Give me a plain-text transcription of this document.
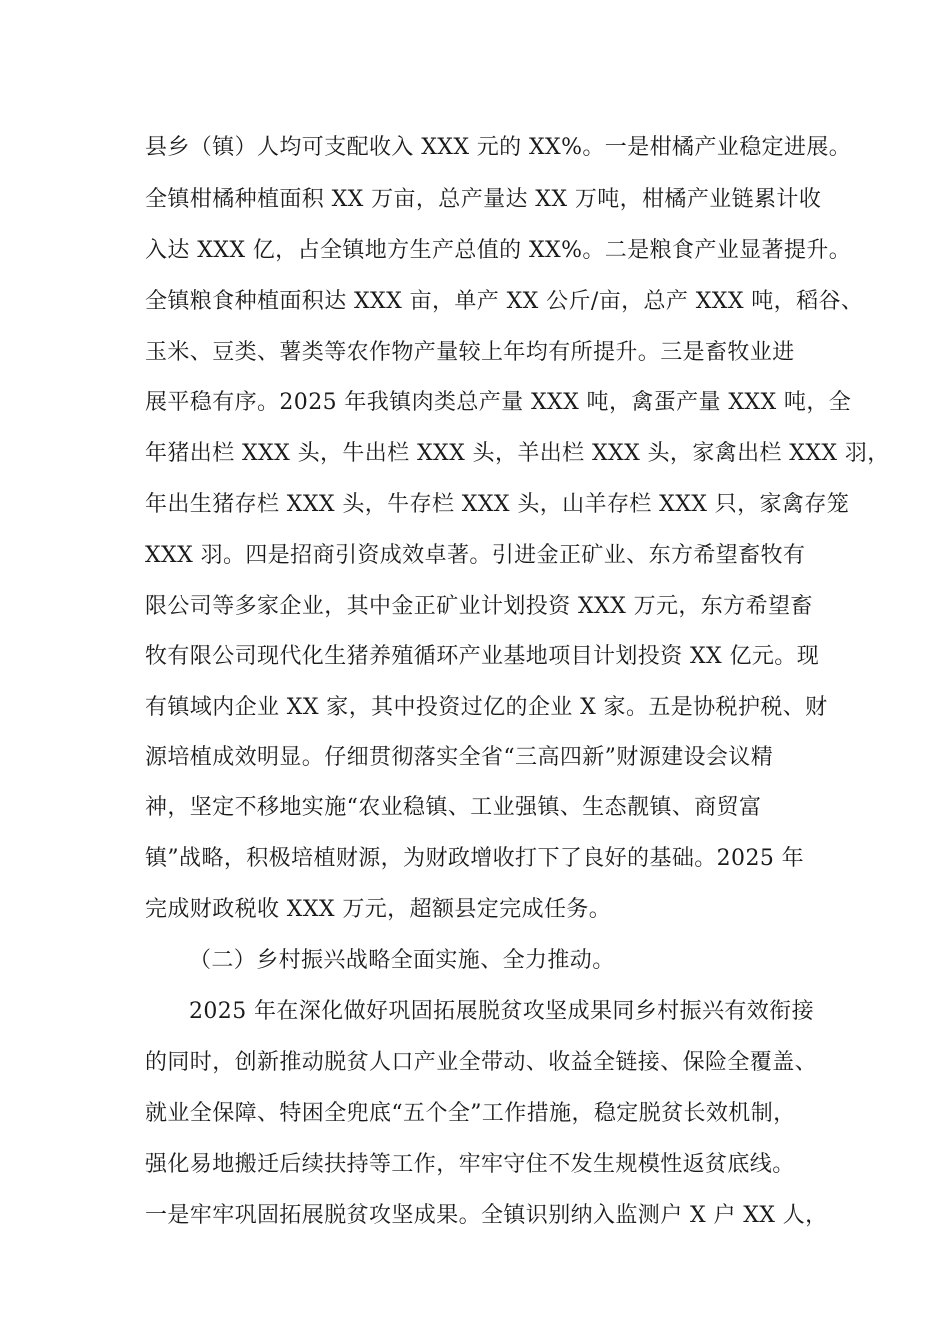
县乡（镇）人均可支配收入 XXX 元的 XX%。一是柑橘产业稳定进展。
全镇柑橘种植面积 XX 万亩，总产量达 XX 万吨，柑橘产业链累计收
入达 XXX 亿，占全镇地方生产总值的 XX%。二是粮食产业显著提升。
全镇粮食种植面积达 XXX 亩，单产 XX 公斤/亩，总产 XXX 吨，稻谷、
玉米、豆类、薯类等农作物产量较上年均有所提升。三是畜牧业进
展平稳有序。2025 年我镇肉类总产量 XXX 吨，禽蛋产量 XXX 吨，全
年猪出栏 XXX 头，牛出栏 XXX 头，羊出栏 XXX 头，家禽出栏 XXX 羽，
年出生猪存栏 XXX 头，牛存栏 XXX 头，山羊存栏 XXX 只，家禽存笼
XXX 羽。四是招商引资成效卓著。引进金正矿业、东方希望畜牧有
限公司等多家企业，其中金正矿业计划投资 XXX 万元，东方希望畜
牧有限公司现代化生猪养殖循环产业基地项目计划投资 XX 亿元。现
有镇域内企业 XX 家，其中投资过亿的企业 X 家。五是协税护税、财
源培植成效明显。仔细贯彻落实全省“三高四新”财源建设会议精
神，坚定不移地实施“农业稳镇、工业强镇、生态靓镇、商贸富
镇”战略，积极培植财源，为财政增收打下了良好的基础。2025 年
完成财政税收 XXX 万元，超额县定完成任务。
（二）乡村振兴战略全面实施、全力推动。
2025 年在深化做好巩固拓展脱贫攻坚成果同乡村振兴有效衔接
的同时，创新推动脱贫人口产业全带动、收益全链接、保险全覆盖、
就业全保障、特困全兜底“五个全”工作措施，稳定脱贫长效机制，
强化易地搬迁后续扶持等工作，牢牢守住不发生规模性返贫底线。
一是牢牢巩固拓展脱贫攻坚成果。全镇识别纳入监测户 X 户 XX 人，
